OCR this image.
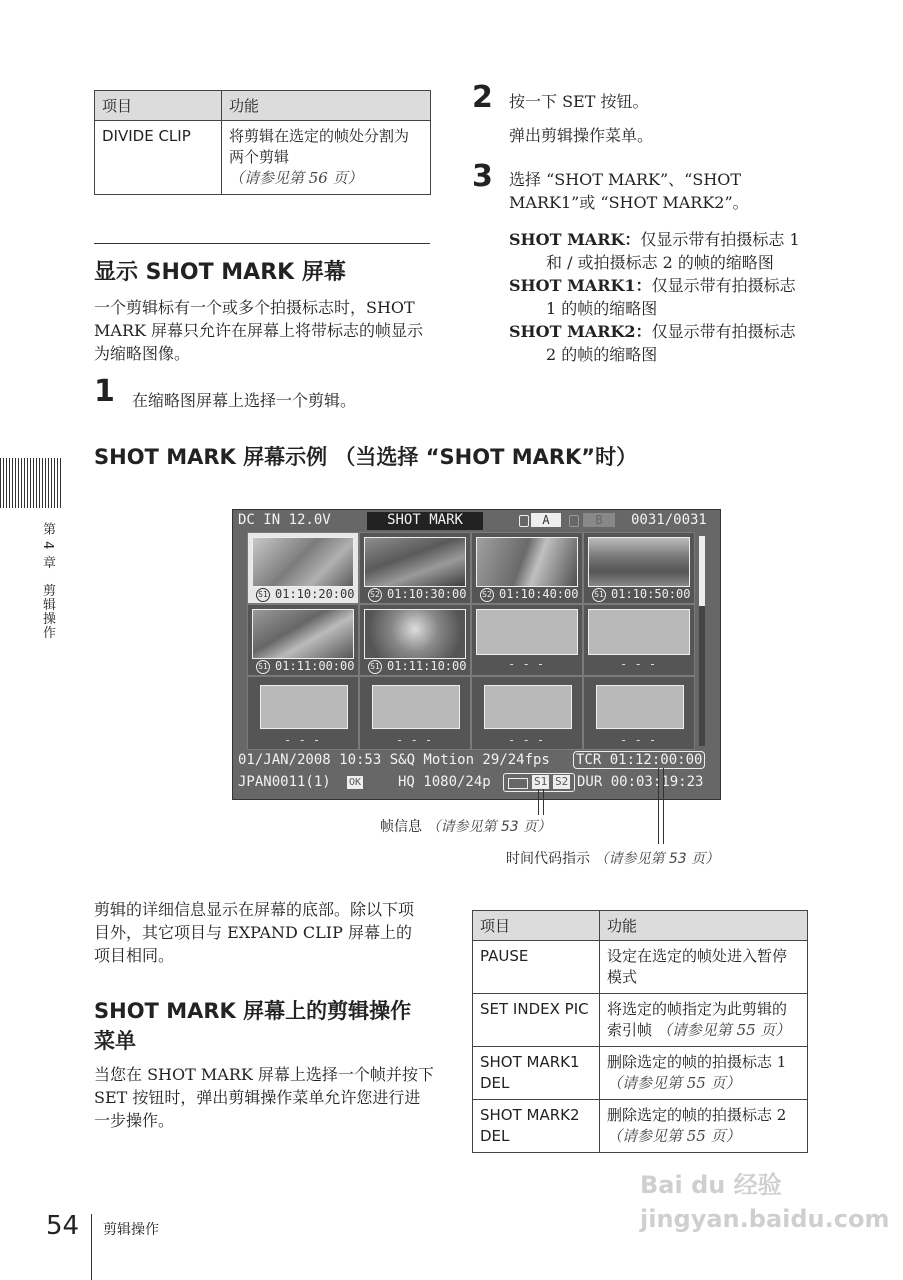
项目	功能
DIVIDE CLIP	将剪辑在选定的帧处分割为两个剪辑 （请参见第 56 页）
显示 SHOT MARK 屏幕

一个剪辑标有一个或多个拍摄标志时，SHOT MARK 屏幕只允许在屏幕上将带标志的帧显示为缩略图像。

1 在缩略图屏幕上选择一个剪辑。
2 按一下 SET 按钮。
弹出剪辑操作菜单。
3 选择 “SHOT MARK”、“SHOT MARK1”或 “SHOT MARK2”。
SHOT MARK：仅显示带有拍摄标志 1 和 / 或拍摄标志 2 的帧的缩略图
SHOT MARK1：仅显示带有拍摄标志 1 的帧的缩略图
SHOT MARK2：仅显示带有拍摄标志 2 的帧的缩略图
SHOT MARK 屏幕示例 （当选择 “SHOT MARK”时）
第 4 章　剪辑操作
DC IN 12.0V	SHOT MARK	A	B	0031/0031
S1 01:10:20:00 S2 01:10:30:00 S2 01:10:40:00 S1 01:10:50:00
S1 01:11:00:00 S1 01:11:10:00	- - -	- - -
- - -	- - -	- - -	- - -
01/JAN/2008 10:53 S&Q Motion 29/24fps TCR 01:12:00:00
JPAN0011(1) OK	HQ 1080/24p	S1 S2 DUR 00:03:19:23
帧信息 （请参见第 53 页）
时间代码指示 （请参见第 53 页）

剪辑的详细信息显示在屏幕的底部。除以下项目外，其它项目与 EXPAND CLIP 屏幕上的项目相同。

SHOT MARK 屏幕上的剪辑操作菜单

当您在 SHOT MARK 屏幕上选择一个帧并按下 SET 按钮时，弹出剪辑操作菜单允许您进行进一步操作。

项目	功能
PAUSE	设定在选定的帧处进入暂停模式
SET INDEX PIC	将选定的帧指定为此剪辑的索引帧 （请参见第 55 页）
SHOT MARK1 DEL	删除选定的帧的拍摄标志 1 （请参见第 55 页）
SHOT MARK2 DEL	删除选定的帧的拍摄标志 2 （请参见第 55 页）
54 剪辑操作
Bai du 经验 jingyan.baidu.com
